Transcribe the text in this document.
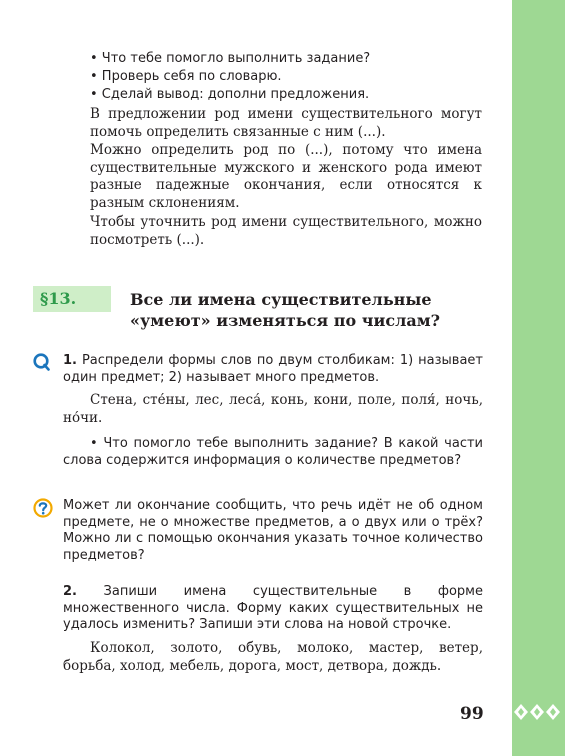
• Что тебе помогло выполнить задание?
• Проверь себя по словарю.
• Сделай вывод: дополни предложения.
В предложении род имени существительного могут помочь определить связанные с ним (...).
Можно определить род по (...), потому что имена существительные мужского и женского рода имеют разные падежные окончания, если относятся к разным склонениям.
Чтобы уточнить род имени существительного, можно посмотреть (...).
§13.	Все ли имена существительные «умеют» изменяться по числам?
1. Распредели формы слов по двум столбикам: 1) называет один предмет; 2) называет много предметов.
Стена, сте́ны, лес, леса́, конь, кони, поле, поля́, ночь, но́чи.
• Что помогло тебе выполнить задание? В какой части слова содержится информация о количестве предметов?
Может ли окончание сообщить, что речь идёт не об одном предмете, не о множестве предметов, а о двух или о трёх? Можно ли с помощью окончания указать точное количество предметов?
2. Запиши имена существительные в форме множественного числа. Форму каких существительных не удалось изменить? Запиши эти слова на новой строчке.
Колокол, золото, обувь, молоко, мастер, ветер, борьба, холод, мебель, дорога, мост, детвора, дождь.
99
